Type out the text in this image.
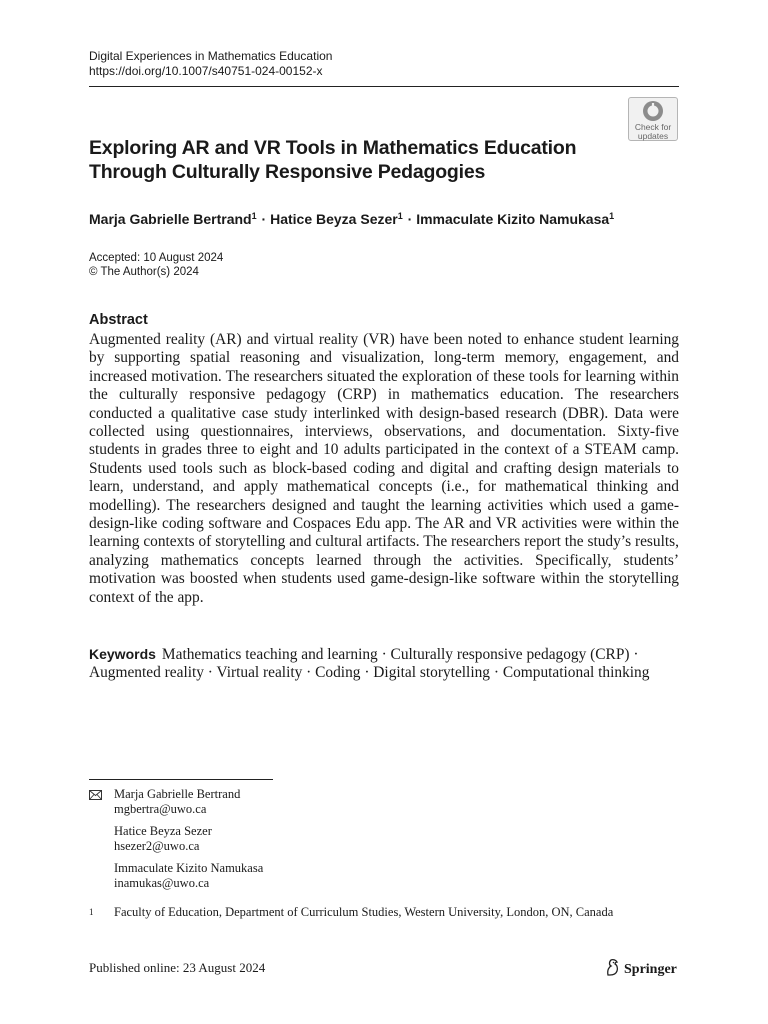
Digital Experiences in Mathematics Education
https://doi.org/10.1007/s40751-024-00152-x
Check for
updates
Exploring AR and VR Tools in Mathematics Education
Through Culturally Responsive Pedagogies
Marja Gabrielle Bertrand$^1$ · Hatice Beyza Sezer$^1$ · Immaculate Kizito Namukasa$^1$
Accepted: 10 August 2024
© The Author(s) 2024
Abstract

Augmented reality (AR) and virtual reality (VR) have been noted to enhance student learning by supporting spatial reasoning and visualization, long-term memory, engagement, and increased motivation. The researchers situated the exploration of these tools for learning within the culturally responsive pedagogy (CRP) in mathematics education. The researchers conducted a qualitative case study interlinked with design-based research (DBR). Data were collected using questionnaires, interviews, observations, and documentation. Sixty-five students in grades three to eight and 10 adults participated in the context of a STEAM camp. Students used tools such as block-based coding and digital and crafting design materials to learn, understand, and apply mathematical concepts (i.e., for mathematical thinking and modelling). The researchers designed and taught the learning activities which used a game-design-like coding software and Cospaces Edu app. The AR and VR activities were within the learning contexts of storytelling and cultural artifacts. The researchers report the study’s results, analyzing mathematics concepts learned through the activities. Specifically, students’ motivation was boosted when students used game-design-like software within the storytelling context of the app.

Keywords Mathematics teaching and learning · Culturally responsive pedagogy (CRP) · Augmented reality · Virtual reality · Coding · Digital storytelling · Computational thinking

Marja Gabrielle Bertrand
mgbertra@uwo.ca
Hatice Beyza Sezer
hsezer2@uwo.ca
Immaculate Kizito Namukasa
inamukas@uwo.ca
1 Faculty of Education, Department of Curriculum Studies, Western University, London, ON, Canada
Published online: 23 August 2024	Springer
